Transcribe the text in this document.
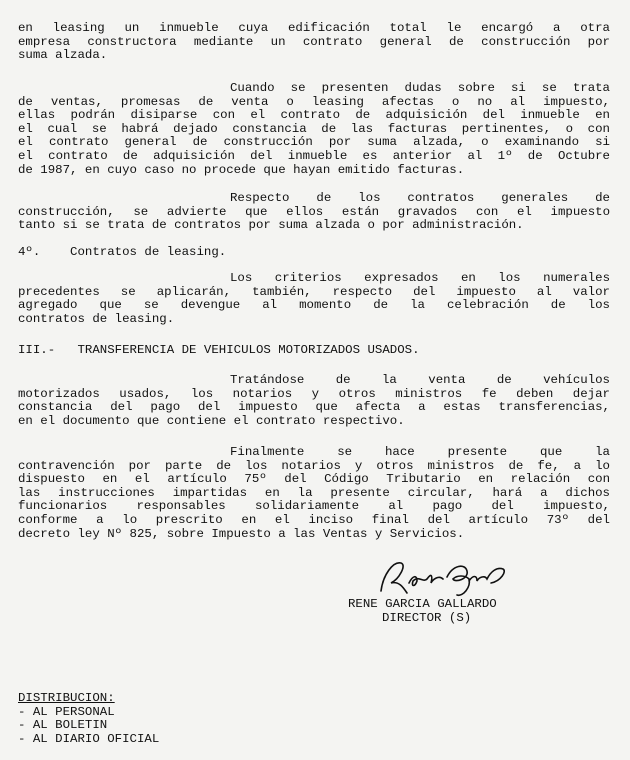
en leasing un inmueble cuya edificación total le encargó a otra
empresa constructora mediante un contrato general de construcción por
suma alzada.
Cuando se presenten dudas sobre si se trata
de ventas, promesas de venta o leasing afectas o no al impuesto,
ellas podrán disiparse con el contrato de adquisición del inmueble en
el cual se habrá dejado constancia de las facturas pertinentes, o con
el contrato general de construcción por suma alzada, o examinando si
el contrato de adquisición del inmueble es anterior al 1º de Octubre
de 1987, en cuyo caso no procede que hayan emitido facturas.
Respecto de los contratos generales de
construcción, se advierte que ellos están gravados con el impuesto
tanto si se trata de contratos por suma alzada o por administración.
4º.    Contratos de leasing.
Los criterios expresados en los numerales
precedentes se aplicarán, también, respecto del impuesto al valor
agregado que se devengue al momento de la celebración de los
contratos de leasing.
III.-   TRANSFERENCIA DE VEHICULOS MOTORIZADOS USADOS.
Tratándose de la venta de vehículos
motorizados usados, los notarios y otros ministros fe deben dejar
constancia del pago del impuesto que afecta a estas transferencias,
en el documento que contiene el contrato respectivo.
Finalmente se hace presente que la
contravención por parte de los notarios y otros ministros de fe, a lo
dispuesto en el artículo 75º del Código Tributario en relación con
las instrucciones impartidas en la presente circular, hará a dichos
funcionarios responsables solidariamente al pago del impuesto,
conforme a lo prescrito en el inciso final del artículo 73º del
decreto ley Nº 825, sobre Impuesto a las Ventas y Servicios.
RENE GARCIA GALLARDO
DIRECTOR (S)
DISTRIBUCION:
- AL PERSONAL
- AL BOLETIN
- AL DIARIO OFICIAL
